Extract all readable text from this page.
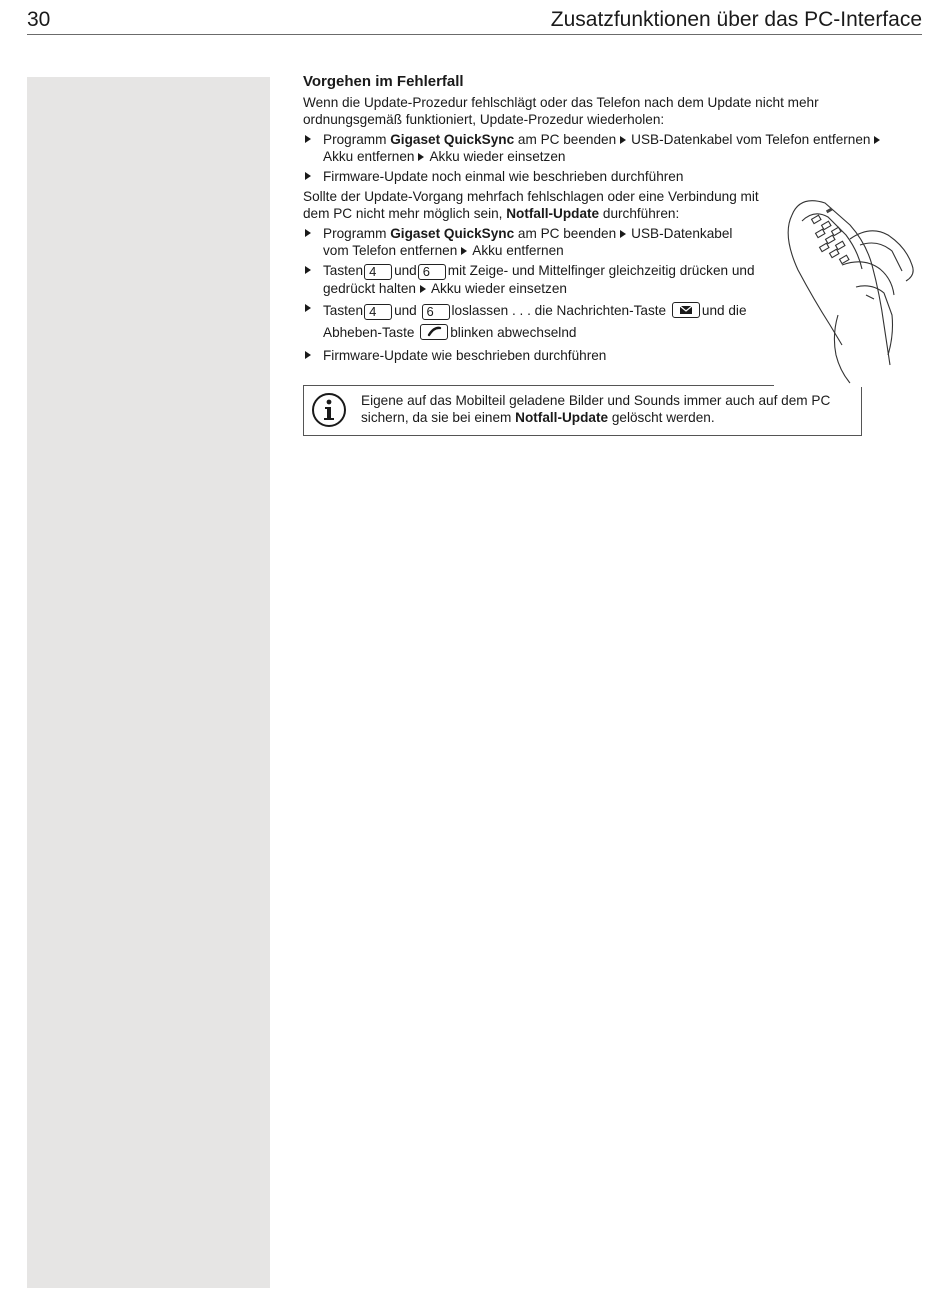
30	Zusatzfunktionen über das PC-Interface
Vorgehen im Fehlerfall

Wenn die Update-Prozedur fehlschlägt oder das Telefon nach dem Update nicht mehr ordnungsgemäß funktioniert, Update-Prozedur wiederholen:

Programm Gigaset QuickSync am PC beenden USB-Datenkabel vom Telefon entfernenAkku entfernen Akku wieder einsetzen
Firmware-Update noch einmal wie beschrieben durchführen

Sollte der Update-Vorgang mehrfach fehlschlagen oder eine Verbindung mit dem PC nicht mehr möglich sein, Notfall-Update durchführen:

Programm Gigaset QuickSync am PC beenden USB-Datenkabel vom Telefon entfernen Akku entfernen
Tasten 4 und 6 mit Zeige- und Mittelfinger gleichzeitig drücken und gedrückt halten Akku wieder einsetzen
Tasten 4 und 6 loslassen . . . die Nachrichten-Taste	und die Abheben-Taste	blinken abwechselnd
Firmware-Update wie beschrieben durchführen
Eigene auf das Mobilteil geladene Bilder und Sounds immer auch auf dem PC sichern, da sie bei einem Notfall-Update gelöscht werden.
